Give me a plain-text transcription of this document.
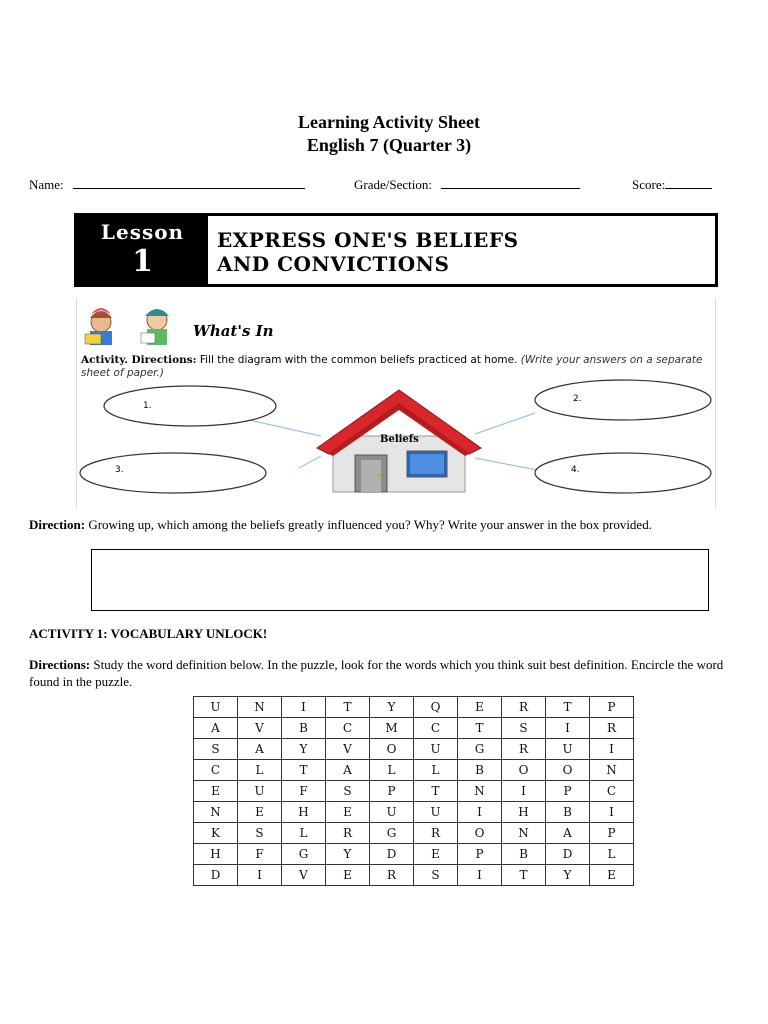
Learning Activity Sheet
English 7 (Quarter 3)
Name:	Grade/Section:	Score:
Lesson
1
EXPRESS ONE'S BELIEFS
AND CONVICTIONS
1.
2.
3.	4.
Beliefs
What's In
Activity. Directions: Fill the diagram with the common beliefs practiced at home. (Write your answers on a separate sheet of paper.)
Direction: Growing up, which among the beliefs greatly influenced you? Why? Write your answer in the box provided.
ACTIVITY 1: VOCABULARY UNLOCK!
Directions: Study the word definition below. In the puzzle, look for the words which you think suit best definition. Encircle the word found in the puzzle.
U	N	I	T	Y	Q	E	R	T	P
A	V	B	C	M	C	T	S	I	R
S	A	Y	V	O	U	G	R	U	I
C	L	T	A	L	L	B	O	O	N
E	U	F	S	P	T	N	I	P	C
N	E	H	E	U	U	I	H	B	I
K	S	L	R	G	R	O	N	A	P
H	F	G	Y	D	E	P	B	D	L
D	I	V	E	R	S	I	T	Y	E
